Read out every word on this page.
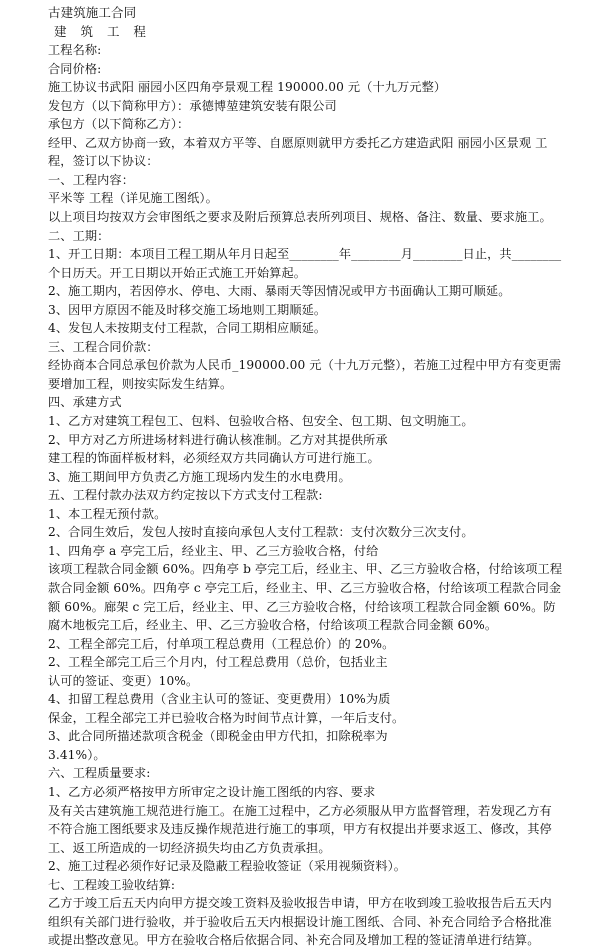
古建筑施工合同
建 筑 工 程
工程名称:
合同价格:
施工协议书武阳 丽园小区四角亭景观工程 190000.00 元（十九万元整）
发包方（以下简称甲方）：承德博堃建筑安装有限公司
承包方（以下简称乙方）：
经甲、乙双方协商一致，本着双方平等、自愿原则就甲方委托乙方建造武阳 丽园小区景观 工
程，签订以下协议：
一、工程内容：
平米等 工程（详见施工图纸）。
以上项目均按双方会审图纸之要求及附后预算总表所列项目、规格、备注、数量、要求施工。
二、工期：
1、开工日期：本项目工程工期从年月日起至________年________月________日止，共________
个日历天。开工日期以开始正式施工开始算起。
2、施工期内，若因停水、停电、大雨、暴雨天等因情况或甲方书面确认工期可顺延。
3、因甲方原因不能及时移交施工场地则工期顺延。
4、发包人未按期支付工程款，合同工期相应顺延。
三、工程合同价款：
经协商本合同总承包价款为人民币_190000.00 元（十九万元整），若施工过程中甲方有变更需
要增加工程，则按实际发生结算。
四、承建方式
1、乙方对建筑工程包工、包料、包验收合格、包安全、包工期、包文明施工。
2、甲方对乙方所进场材料进行确认核准制。乙方对其提供所承
建工程的饰面样板材料，必须经双方共同确认方可进行施工。
3、施工期间甲方负责乙方施工现场内发生的水电费用。
五、工程付款办法双方约定按以下方式支付工程款:
1、本工程无预付款。
2、合同生效后，发包人按时直接向承包人支付工程款：支付次数分三次支付。
1、四角亭 a 亭完工后，经业主、甲、乙三方验收合格，付给
该项工程款合同金额 60%。四角亭 b 亭完工后，经业主、甲、乙三方验收合格，付给该项工程
款合同金额 60%。四角亭 c 亭完工后，经业主、甲、乙三方验收合格，付给该项工程款合同金
额 60%。廊架 c 完工后，经业主、甲、乙三方验收合格，付给该项工程款合同金额 60%。防
腐木地板完工后，经业主、甲、乙三方验收合格，付给该项工程款合同金额 60%。
2、工程全部完工后，付单项工程总费用（工程总价）的 20%。
2、工程全部完工后三个月内，付工程总费用（总价，包括业主
认可的签证、变更）10%。
4、扣留工程总费用（含业主认可的签证、变更费用）10%为质
保金，工程全部完工并已验收合格为时间节点计算，一年后支付。
3、此合同所描述款项含税金（即税金由甲方代扣，扣除税率为
3.41%）。
六、工程质量要求:
1、乙方必须严格按甲方所审定之设计施工图纸的内容、要求
及有关古建筑施工规范进行施工。在施工过程中，乙方必须服从甲方监督管理，若发现乙方有
不符合施工图纸要求及违反操作规范进行施工的事项，甲方有权提出并要求返工、修改，其停
工、返工所造成的一切经济损失均由乙方负责承担。
2、施工过程必须作好记录及隐蔽工程验收签证（采用视频资料）。
七、工程竣工验收结算:
乙方于竣工后五天内向甲方提交竣工资料及验收报告申请，甲方在收到竣工验收报告后五天内
组织有关部门进行验收，并于验收后五天内根据设计施工图纸、合同、补充合同给予合格批准
或提出整改意见。甲方在验收合格后依据合同、补充合同及增加工程的签证清单进行结算。
